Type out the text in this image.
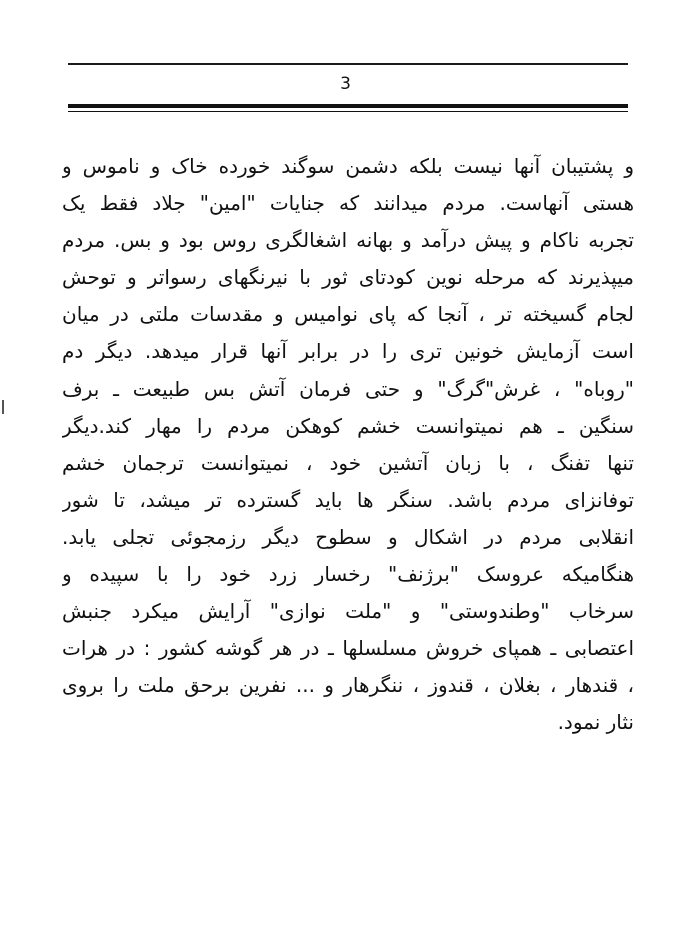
3
و پشتیبان آنها نیست بلکه دشمن سوگند خورده خاک و ناموس و
هستی آنهاست. مردم میدانند که جنایات "امین" جلاد فقط یک
تجربه ناکام و پیش درآمد و بهانه اشغالگری روس بود و بس. مردم
میپذیرند که مرحله نوین کودتای ثور با نیرنگهای رسواتر و توحش
لجام گسیخته تر ، آنجا که پای نوامیس و مقدسات ملتی در میان
است آزمایش خونین تری را در برابر آنها قرار میدهد. دیگر دم
"روباه" ، غرش"گرگ" و حتی فرمان آتش بس طبیعت ـ برف
سنگین ـ هم نمیتوانست خشم کوهکن مردم را مهار کند.دیگر
تنها تفنگ ، با زبان آتشین خود ، نمیتوانست ترجمان خشم
توفانزای مردم باشد. سنگر ها باید گسترده تر میشد، تا شور
انقلابی مردم در اشکال و سطوح دیگر رزمجوئی تجلی یابد.
هنگامیکه عروسک "برژنف" رخسار زرد خود را با سپیده و
سرخاب "وطندوستی" و "ملت نوازی" آرایش میکرد جنبش
اعتصابی ـ همپای خروش مسلسلها ـ در هر گوشه کشور : در هرات
، قندهار ، بغلان ، قندوز ، ننگرهار و ... نفرین برحق ملت را بروی
نثار نمود.
